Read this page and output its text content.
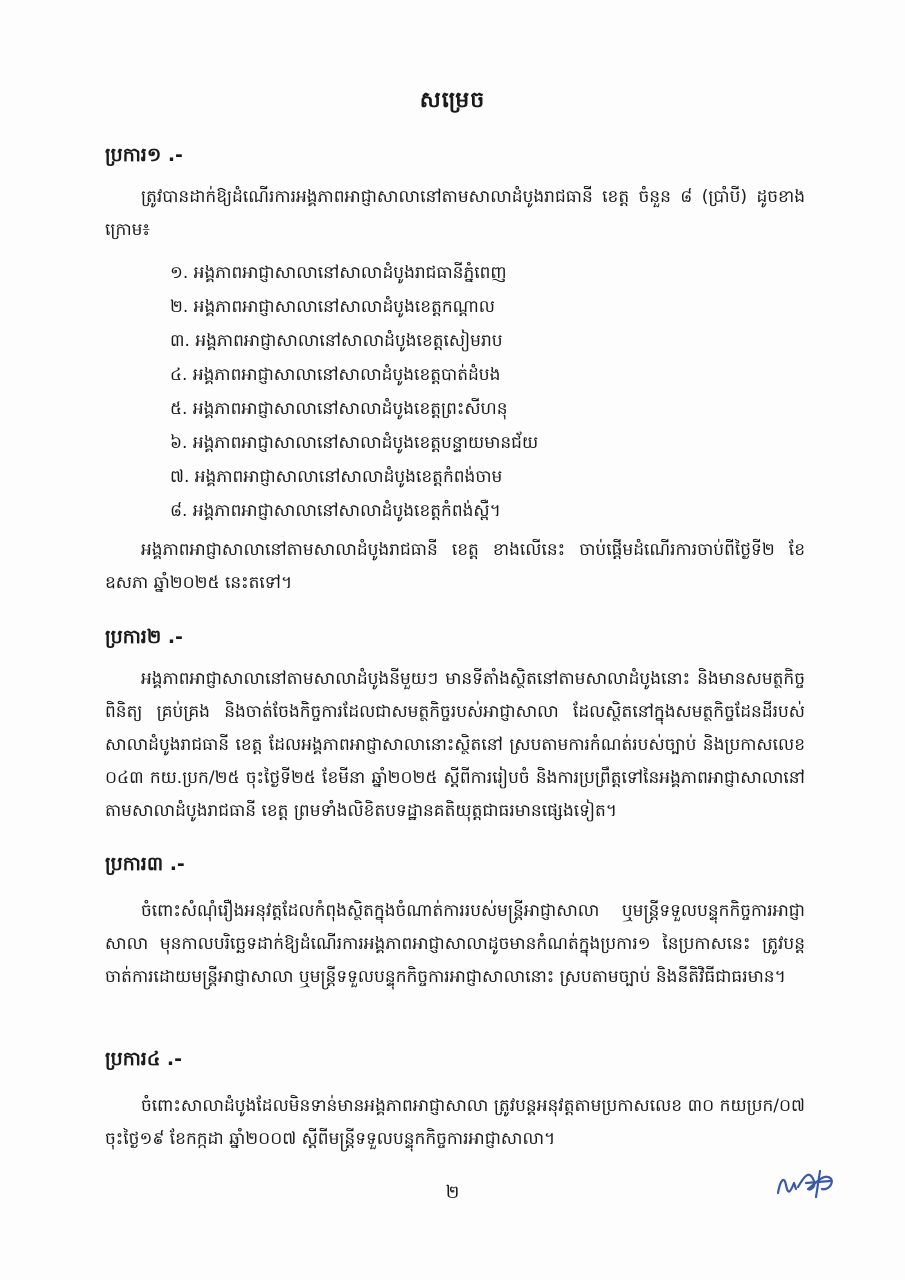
សម្រេច
ប្រការ១ .-
ត្រូវបានដាក់ឱ្យដំណើរការអង្គភាពអាជ្ញាសាលានៅតាមសាលាដំបូងរាជធានី ខេត្ត ចំនួន ៨ (ប្រាំបី) ដូចខាងក្រោម៖
១. អង្គភាពអាជ្ញាសាលានៅសាលាដំបូងរាជធានីភ្នំពេញ
២. អង្គភាពអាជ្ញាសាលានៅសាលាដំបូងខេត្តកណ្តាល
៣. អង្គភាពអាជ្ញាសាលានៅសាលាដំបូងខេត្តសៀមរាប
៤. អង្គភាពអាជ្ញាសាលានៅសាលាដំបូងខេត្តបាត់ដំបង
៥. អង្គភាពអាជ្ញាសាលានៅសាលាដំបូងខេត្តព្រះសីហនុ
៦. អង្គភាពអាជ្ញាសាលានៅសាលាដំបូងខេត្តបន្ទាយមានជ័យ
៧. អង្គភាពអាជ្ញាសាលានៅសាលាដំបូងខេត្តកំពង់ចាម
៨. អង្គភាពអាជ្ញាសាលានៅសាលាដំបូងខេត្តកំពង់ស្ពឺ។
អង្គភាពអាជ្ញាសាលានៅតាមសាលាដំបូងរាជធានី ខេត្ត ខាងលើនេះ ចាប់ផ្តើមដំណើរការចាប់ពីថ្ងៃទី២ ខែឧសភា ឆ្នាំ២០២៥ នេះតទៅ។
ប្រការ២ .-
អង្គភាពអាជ្ញាសាលានៅតាមសាលាដំបូងនីមួយៗ មានទីតាំងស្ថិតនៅតាមសាលាដំបូងនោះ និងមានសមត្ថកិច្ចពិនិត្យ គ្រប់គ្រង និងចាត់ចែងកិច្ចការដែលជាសមត្ថកិច្ចរបស់អាជ្ញាសាលា ដែលស្ថិតនៅក្នុងសមត្ថកិច្ចដែនដីរបស់សាលាដំបូងរាជធានី ខេត្ត ដែលអង្គភាពអាជ្ញាសាលានោះស្ថិតនៅ ស្របតាមការកំណត់របស់ច្បាប់ និងប្រកាសលេខ ០៤៣ កយ.ប្រក/២៥ ចុះថ្ងៃទី២៥ ខែមីនា ឆ្នាំ២០២៥ ស្តីពីការរៀបចំ និងការប្រព្រឹត្តទៅនៃអង្គភាពអាជ្ញាសាលានៅតាមសាលាដំបូងរាជធានី ខេត្ត ព្រមទាំងលិខិតបទដ្ឋានគតិយុត្តជាធរមានផ្សេងទៀត។
ប្រការ៣ .-
ចំពោះសំណុំរឿងអនុវត្តដែលកំពុងស្ថិតក្នុងចំណាត់ការរបស់មន្ត្រីអាជ្ញាសាលា ឬមន្ត្រីទទួលបន្ទុកកិច្ចការអាជ្ញាសាលា មុនកាលបរិច្ឆេទដាក់ឱ្យដំណើរការអង្គភាពអាជ្ញាសាលាដូចមានកំណត់ក្នុងប្រការ១ នៃប្រកាសនេះ ត្រូវបន្តចាត់ការដោយមន្ត្រីអាជ្ញាសាលា ឬមន្ត្រីទទួលបន្ទុកកិច្ចការអាជ្ញាសាលានោះ ស្របតាមច្បាប់ និងនីតិវិធីជាធរមាន។
ប្រការ៤ .-
ចំពោះសាលាដំបូងដែលមិនទាន់មានអង្គភាពអាជ្ញាសាលា ត្រូវបន្តអនុវត្តតាមប្រកាសលេខ ៣០ កយប្រក/០៧ ចុះថ្ងៃ១៩ ខែកក្កដា ឆ្នាំ២០០៧ ស្តីពីមន្ត្រីទទួលបន្ទុកកិច្ចការអាជ្ញាសាលា។
២
